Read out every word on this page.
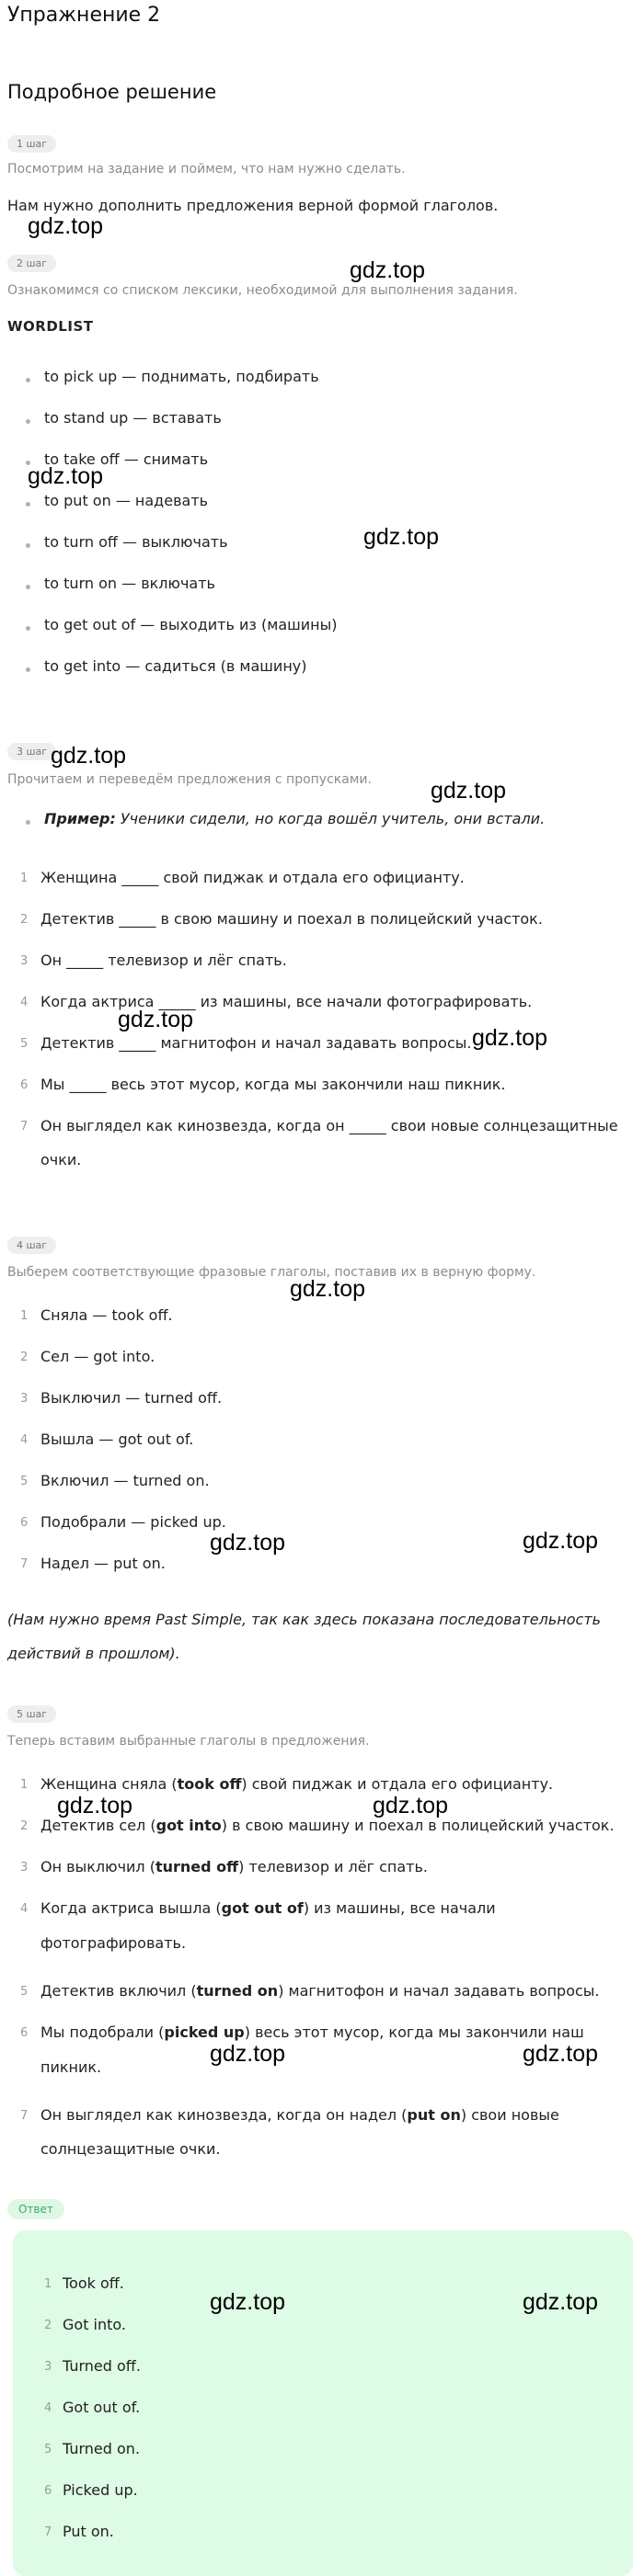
Упражнение 2
Подробное решение
1 шаг
Посмотрим на задание и поймем, что нам нужно сделать.
Нам нужно дополнить предложения верной формой глаголов.
2 шаг
Ознакомимся со списком лексики, необходимой для выполнения задания.
WORDLIST
to pick up — поднимать, подбирать
to stand up — вставать
to take off — снимать
to put on — надевать
to turn off — выключать
to turn on — включать
to get out of — выходить из (машины)
to get into — садиться (в машину)
3 шаг
Прочитаем и переведём предложения с пропусками.
Пример: Ученики сидели, но когда вошёл учитель, они встали.
1 Женщина _____ свой пиджак и отдала его официанту.
2 Детектив _____ в свою машину и поехал в полицейский участок.
3 Он _____ телевизор и лёг спать.
4 Когда актриса _____ из машины, все начали фотографировать.
5 Детектив _____ магнитофон и начал задавать вопросы.
6 Мы _____ весь этот мусор, когда мы закончили наш пикник.
7 Он выглядел как кинозвезда, когда он _____ свои новые солнцезащитные
очки.
4 шаг
Выберем соответствующие фразовые глаголы, поставив их в верную форму.
1 Сняла — took off.
2 Сел — got into.
3 Выключил — turned off.
4 Вышла — got out of.
5 Включил — turned on.
6 Подобрали — picked up.
7 Надел — put on.
(Нам нужно время Past Simple, так как здесь показана последовательность
действий в прошлом).
5 шаг
Теперь вставим выбранные глаголы в предложения.
1 Женщина сняла (took off) свой пиджак и отдала его официанту.
2 Детектив сел (got into) в свою машину и поехал в полицейский участок.
3 Он выключил (turned off) телевизор и лёг спать.
4 Когда актриса вышла (got out of) из машины, все начали
фотографировать.
5 Детектив включил (turned on) магнитофон и начал задавать вопросы.
6 Мы подобрали (picked up) весь этот мусор, когда мы закончили наш
пикник.
7 Он выглядел как кинозвезда, когда он надел (put on) свои новые
солнцезащитные очки.
Ответ
1 Took off.
2 Got into.
3 Turned off.
4 Got out of.
5 Turned on.
6 Picked up.
7 Put on.
gdz.top
gdz.top
gdz.top
gdz.top
gdz.top
gdz.top
gdz.top
gdz.top
gdz.top
gdz.top	gdz.top
gdz.top	gdz.top
gdz.top	gdz.top
gdz.top	gdz.top
